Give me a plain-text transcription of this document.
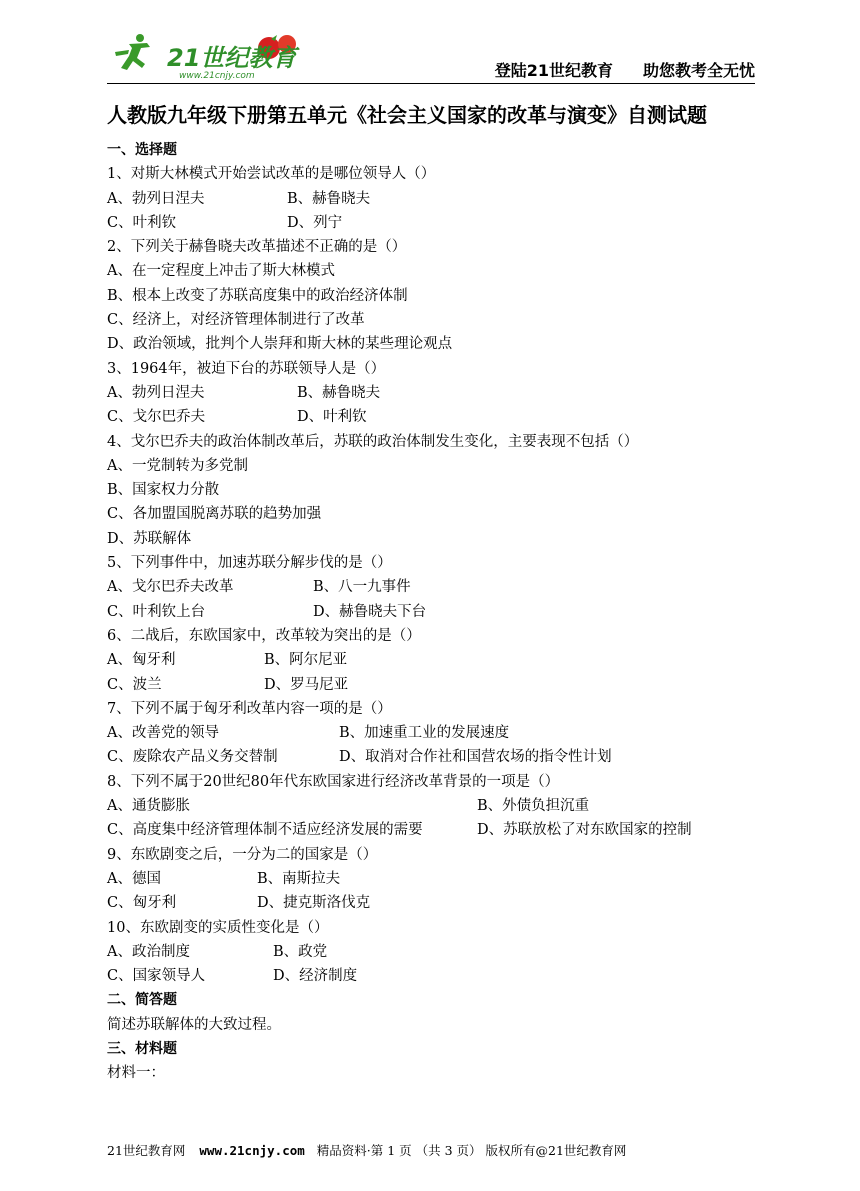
21世纪教育
www.21cnjy.com	登陆21世纪教育 助您教考全无忧
人教版九年级下册第五单元《社会主义国家的改革与演变》自测试题
一、选择题
1、对斯大林模式开始尝试改革的是哪位领导人（）
A、勃列日涅夫	B、赫鲁晓夫
C、叶利钦	D、列宁
2、下列关于赫鲁晓夫改革描述不正确的是（）
A、在一定程度上冲击了斯大林模式
B、根本上改变了苏联高度集中的政治经济体制
C、经济上，对经济管理体制进行了改革
D、政治领域，批判个人崇拜和斯大林的某些理论观点
3、1964年，被迫下台的苏联领导人是（）
A、勃列日涅夫	B、赫鲁晓夫
C、戈尔巴乔夫	D、叶利钦
4、戈尔巴乔夫的政治体制改革后，苏联的政治体制发生变化，主要表现不包括（）
A、一党制转为多党制
B、国家权力分散
C、各加盟国脱离苏联的趋势加强
D、苏联解体
5、下列事件中，加速苏联分解步伐的是（）
A、戈尔巴乔夫改革	B、八一九事件
C、叶利钦上台	D、赫鲁晓夫下台
6、二战后，东欧国家中，改革较为突出的是（）
A、匈牙利	B、阿尔尼亚
C、波兰	D、罗马尼亚
7、下列不属于匈牙利改革内容一项的是（）
A、改善党的领导	B、加速重工业的发展速度
C、废除农产品义务交替制	D、取消对合作社和国营农场的指令性计划
8、下列不属于20世纪80年代东欧国家进行经济改革背景的一项是（）
A、通货膨胀	B、外债负担沉重
C、高度集中经济管理体制不适应经济发展的需要	D、苏联放松了对东欧国家的控制
9、东欧剧变之后，一分为二的国家是（）
A、德国	B、南斯拉夫
C、匈牙利	D、捷克斯洛伐克
10、东欧剧变的实质性变化是（）
A、政治制度	B、政党
C、国家领导人	D、经济制度
二、简答题
简述苏联解体的大致过程。
三、材料题
材料一：
21世纪教育网 www.21cnjy.com 精品资料·第 1 页 （共 3 页） 版权所有@21世纪教育网
